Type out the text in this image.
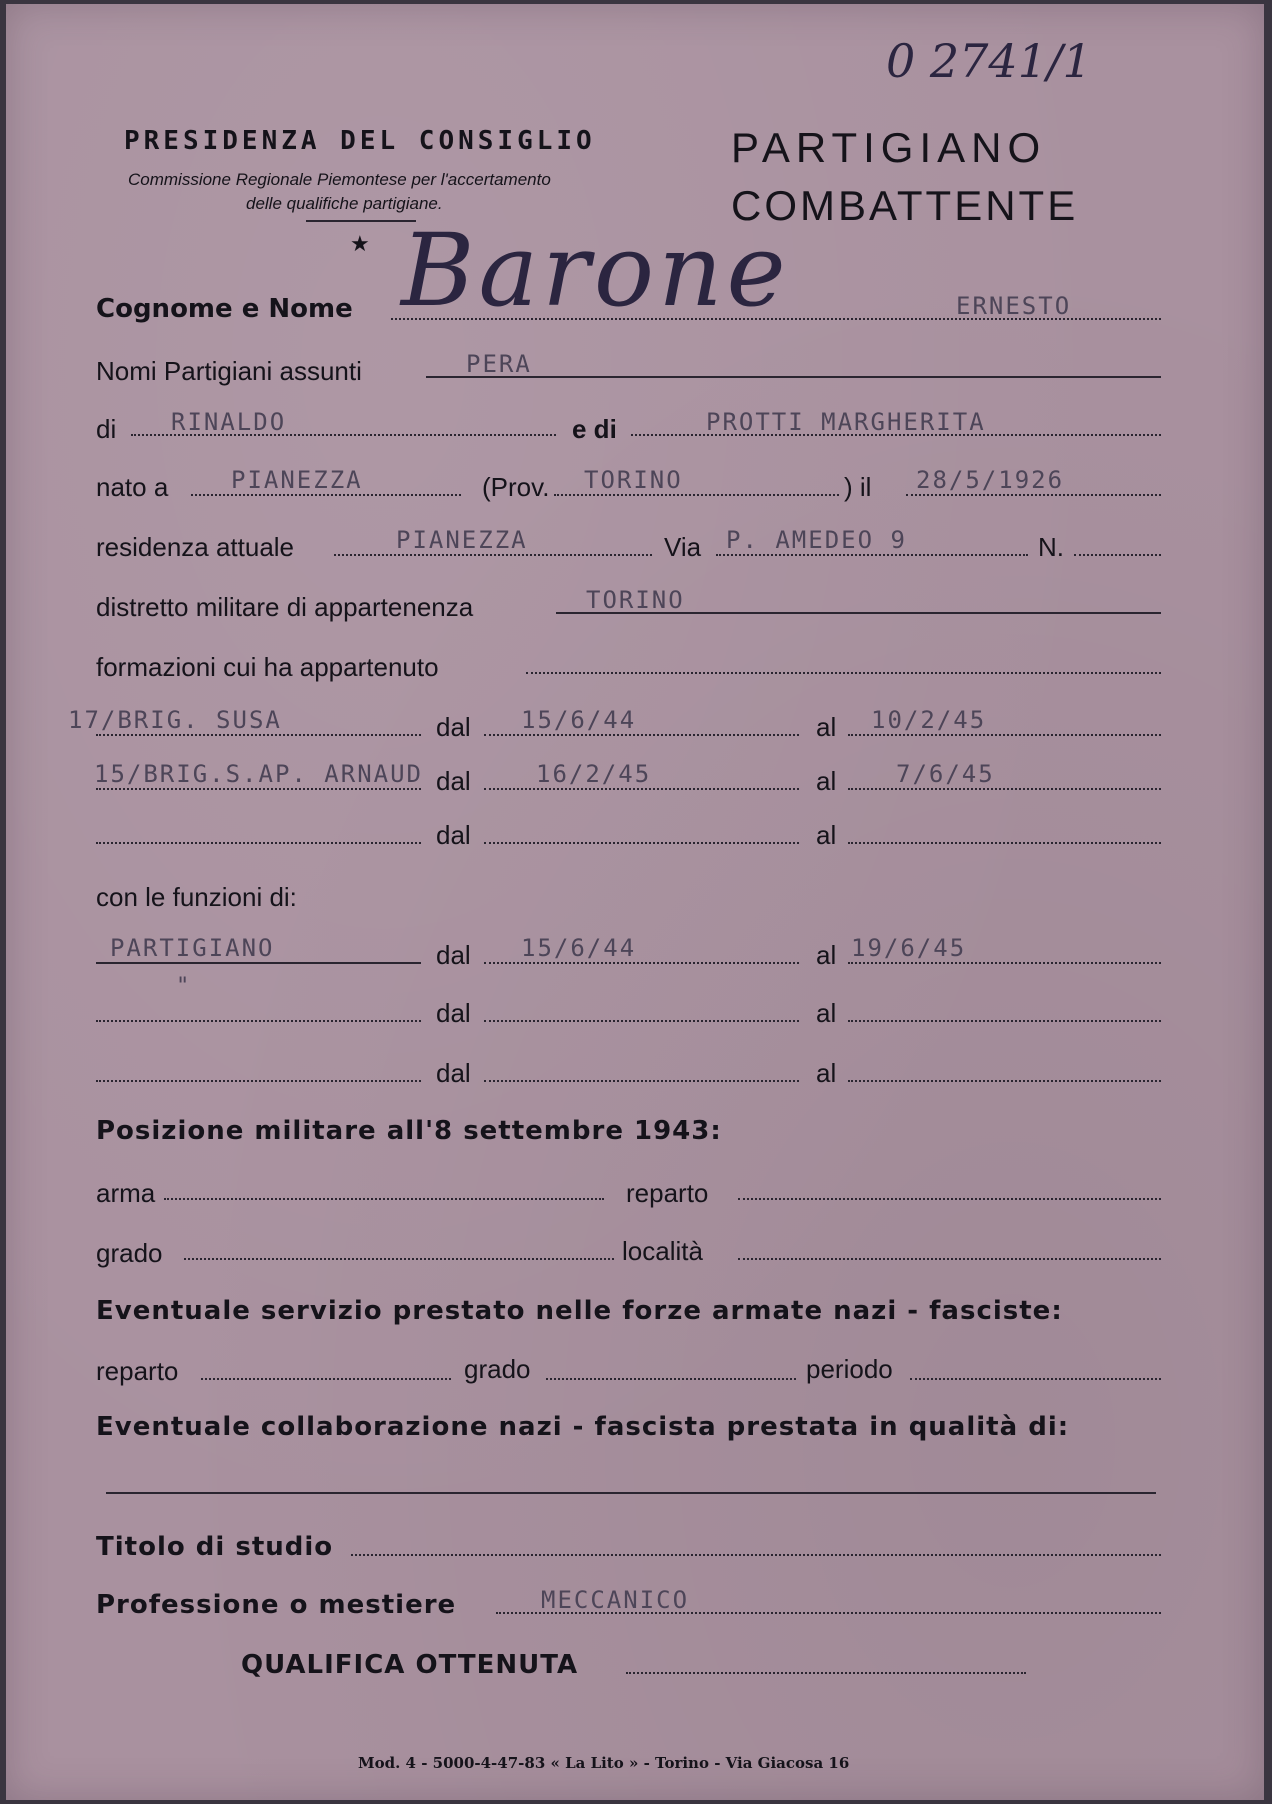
0 2741/1
PRESIDENZA DEL CONSIGLIO
Commissione Regionale Piemontese per l'accertamento
delle qualifiche partigiane.
★
PARTIGIANO
COMBATTENTE
Cognome e Nome Barone	ERNESTO
Nomi Partigiani assunti	PERA
di RINALDO	e di	PROTTI MARGHERITA
nato a	PIANEZZA	(Prov. TORINO	) il 28/5/1926
residenza attuale	PIANEZZA	Via P. AMEDEO 9	N.
distretto militare di appartenenza	TORINO
formazioni cui ha appartenuto
17/BRIG. SUSA	dal 15/6/44	al 10/2/45
15/BRIG.S.AP. ARNAUD dal	16/2/45	al 7/6/45
dal	al
con le funzioni di:
PARTIGIANO	dal 15/6/44	al 19/6/45
"
dal	al
dal	al
Posizione militare all'8 settembre 1943:
arma	reparto
grado	località
Eventuale servizio prestato nelle forze armate nazi - fasciste:
reparto	grado	periodo
Eventuale collaborazione nazi - fascista prestata in qualità di:
Titolo di studio
Professione o mestiere	MECCANICO
QUALIFICA OTTENUTA
Mod. 4 - 5000-4-47-83 « La Lito » - Torino - Via Giacosa 16
